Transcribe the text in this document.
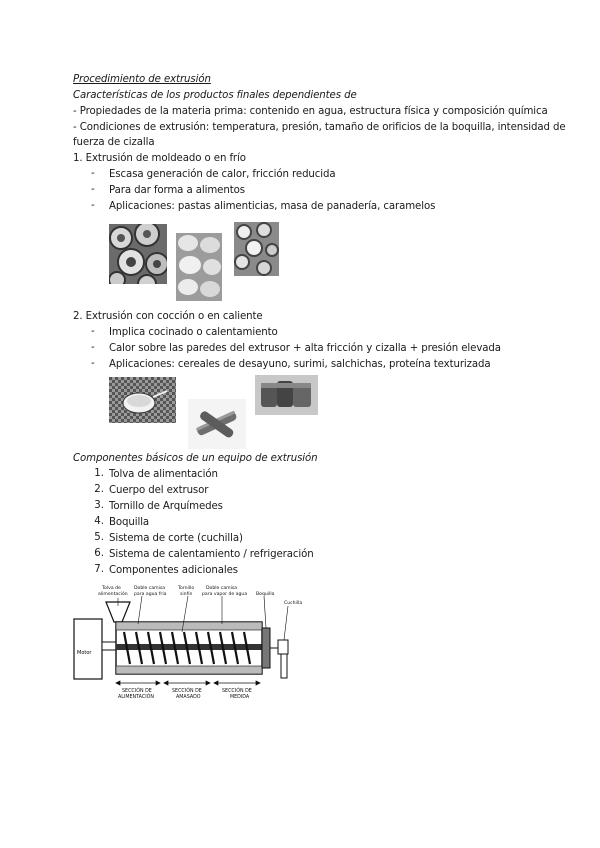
Procedimiento de extrusión
Características de los productos finales dependientes de
- Propiedades de la materia prima: contenido en agua, estructura física y composición química
- Condiciones de extrusión: temperatura, presión, tamaño de orificios de la boquilla, intensidad de
fuerza de cizalla
1. Extrusión de moldeado o en frío
- Escasa generación de calor, fricción reducida
- Para dar forma a alimentos
- Aplicaciones: pastas alimenticias, masa de panadería, caramelos
2. Extrusión con cocción o en caliente
- Implica cocinado o calentamiento
- Calor sobre las paredes del extrusor + alta fricción y cizalla + presión elevada
- Aplicaciones: cereales de desayuno, surimi, salchichas, proteína texturizada
Componentes básicos de un equipo de extrusión
1. Tolva de alimentación
2. Cuerpo del extrusor
3. Tornillo de Arquímedes
4. Boquilla
5. Sistema de corte (cuchilla)
6. Sistema de calentamiento / refrigeración
7. Componentes adicionales
Motor
Tolva de
alimentación
Doble camisa
para agua fría
Tornillo
sinfín
Doble camisa
para vapor de agua Boquilla
Cuchilla
SECCIÓN DE
ALIMENTACIÓN
SECCIÓN DE
AMASADO
SECCIÓN DE
MEDIDA
